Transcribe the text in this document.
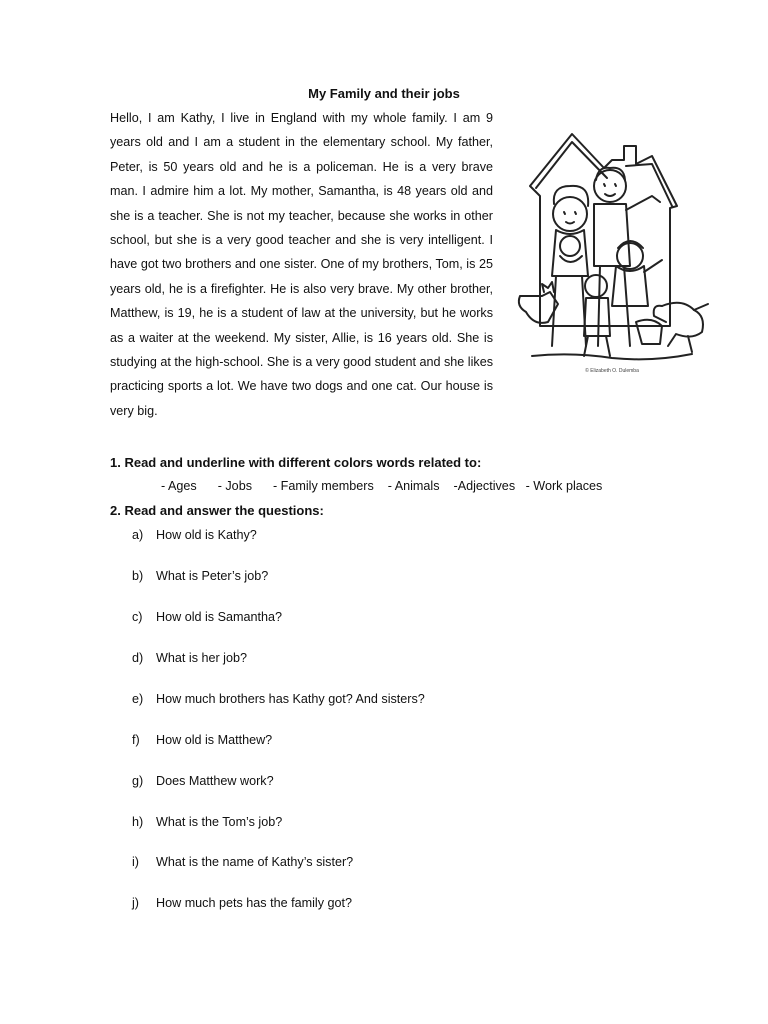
My Family and their jobs

Hello, I am Kathy, I live in England with my whole family. I am 9 years old and I am a student in the elementary school. My father, Peter, is 50 years old and he is a policeman. He is a very brave man. I admire him a lot. My mother, Samantha, is 48 years old and she is a teacher. She is not my teacher, because she works in other school, but she is a very good teacher and she is very intelligent. I have got two brothers and one sister. One of my brothers, Tom, is 25 years old, he is a firefighter. He is also very brave. My other brother, Matthew, is 19, he is a student of law at the university, but he works as a waiter at the weekend. My sister, Allie, is 16 years old. She is studying at the high-school. She is a very good student and she likes practicing sports a lot. We have two dogs and one cat. Our house is very big.

© Elizabeth O. Dulemba
1. Read and underline with different colors words related to:
- Ages      - Jobs      - Family members    - Animals    -Adjectives   - Work places
2. Read and answer the questions:
a) How old is Kathy?
b) What is Peter’s job?
c) How old is Samantha?
d) What is her job?
e) How much brothers has Kathy got? And sisters?
f) How old is Matthew?
g) Does Matthew work?
h) What is the Tom’s job?
i) What is the name of Kathy’s sister?
j) How much pets has the family got?
